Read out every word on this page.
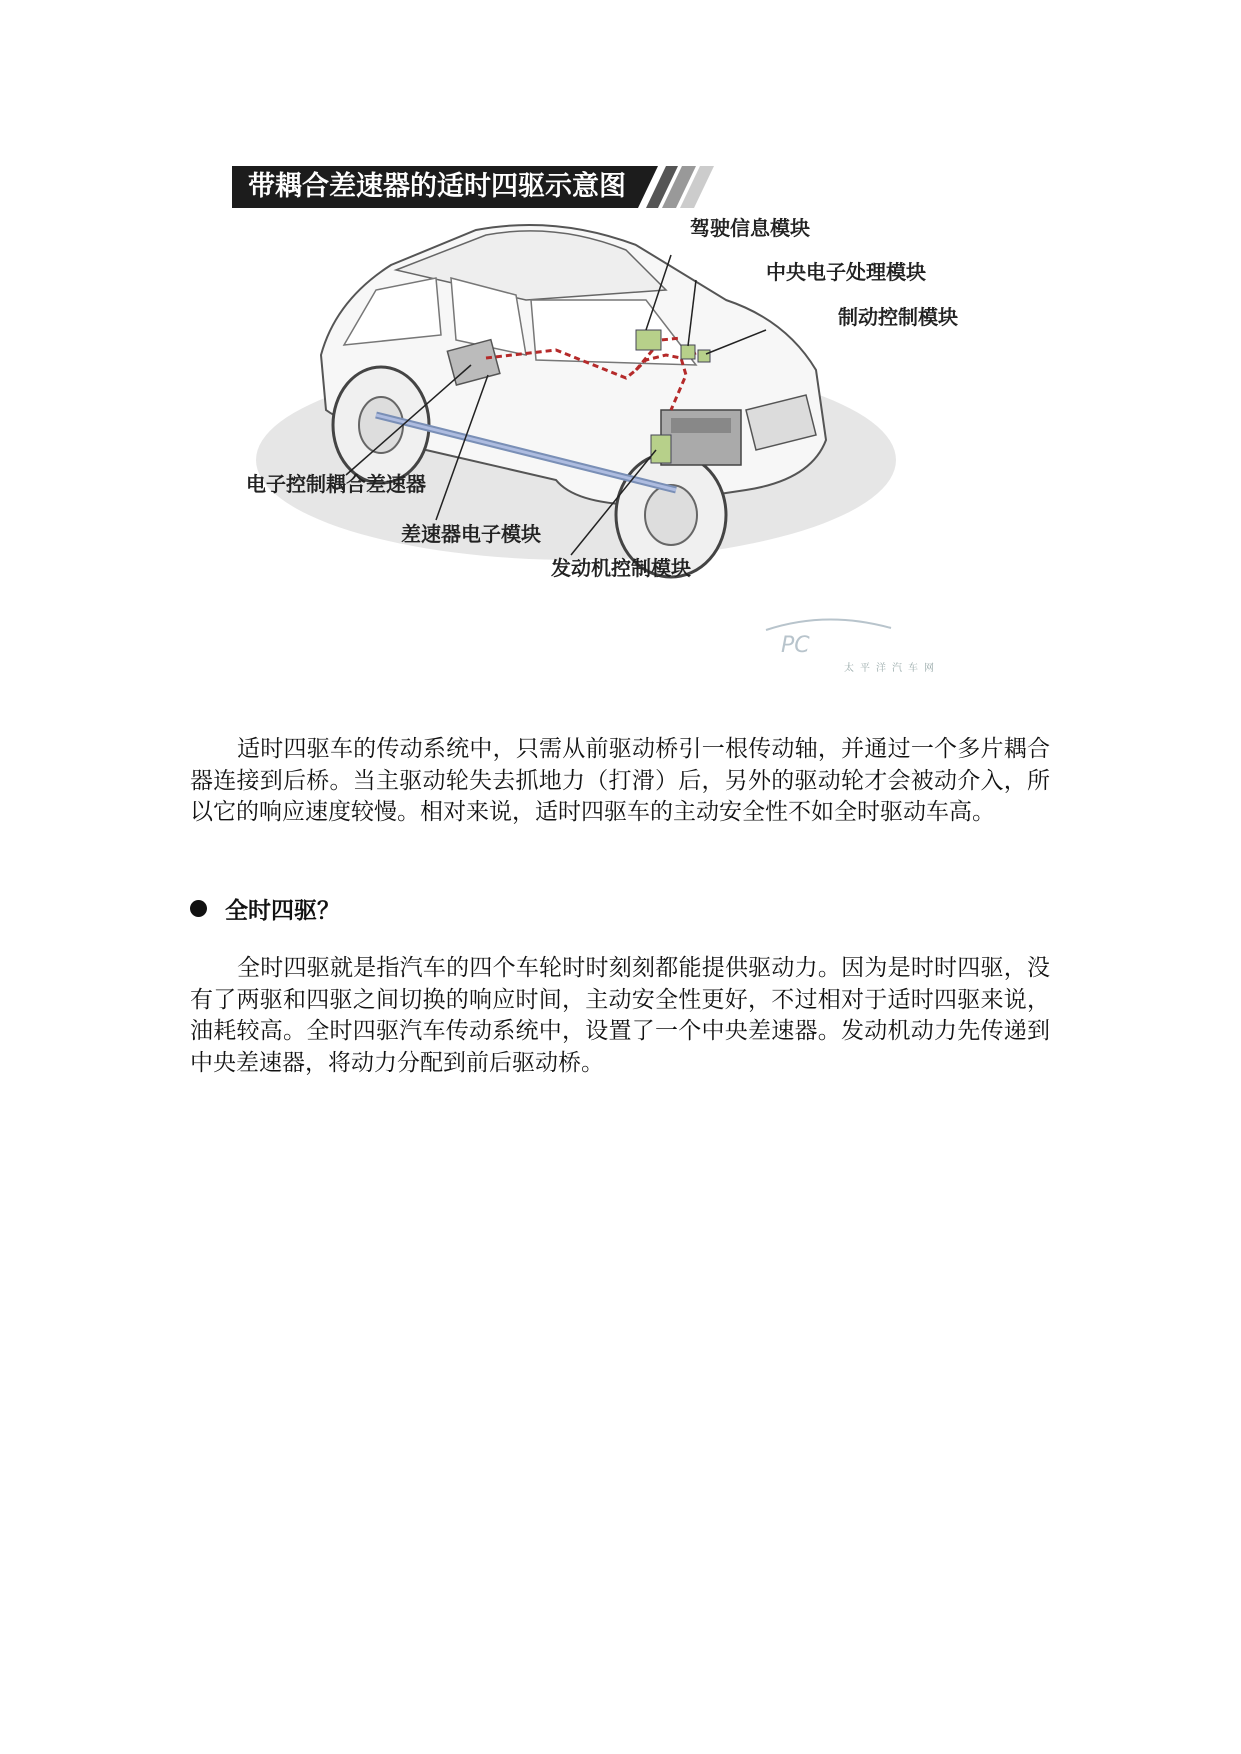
PC
带耦合差速器的适时四驱示意图
驾驶信息模块
中央电子处理模块
制动控制模块
电子控制耦合差速器
差速器电子模块
发动机控制模块
太平洋汽车网

适时四驱车的传动系统中，只需从前驱动桥引一根传动轴，并通过一个多片耦合器连接到后桥。当主驱动轮失去抓地力（打滑）后，另外的驱动轮才会被动介入，所以它的响应速度较慢。相对来说，适时四驱车的主动安全性不如全时驱动车高。

全时四驱？

全时四驱就是指汽车的四个车轮时时刻刻都能提供驱动力。因为是时时四驱，没有了两驱和四驱之间切换的响应时间，主动安全性更好，不过相对于适时四驱来说，油耗较高。全时四驱汽车传动系统中，设置了一个中央差速器。发动机动力先传递到中央差速器，将动力分配到前后驱动桥。
